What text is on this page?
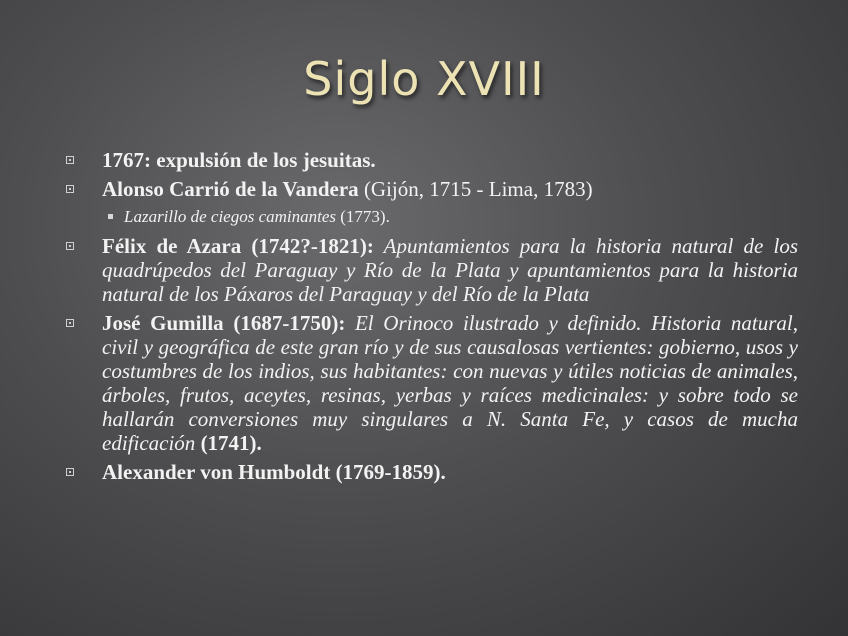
Siglo XVIII
1767: expulsión de los jesuitas.
Alonso Carrió de la Vandera (Gijón, 1715 - Lima, 1783)
Lazarillo de ciegos caminantes (1773).
Félix de Azara (1742?-1821): Apuntamientos para la historia natural de los quadrúpedos del Paraguay y Río de la Plata y apuntamientos para la historia natural de los Páxaros del Paraguay y del Río de la Plata
José Gumilla (1687-1750): El Orinoco ilustrado y definido. Historia natural, civil y geográfica de este gran río y de sus causalosas vertientes: gobierno, usos y costumbres de los indios, sus habitantes: con nuevas y útiles noticias de animales, árboles, frutos, aceytes, resinas, yerbas y raíces medicinales: y sobre todo se hallarán conversiones muy singulares a N. Santa Fe, y casos de mucha edificación (1741).
Alexander von Humboldt (1769-1859).
